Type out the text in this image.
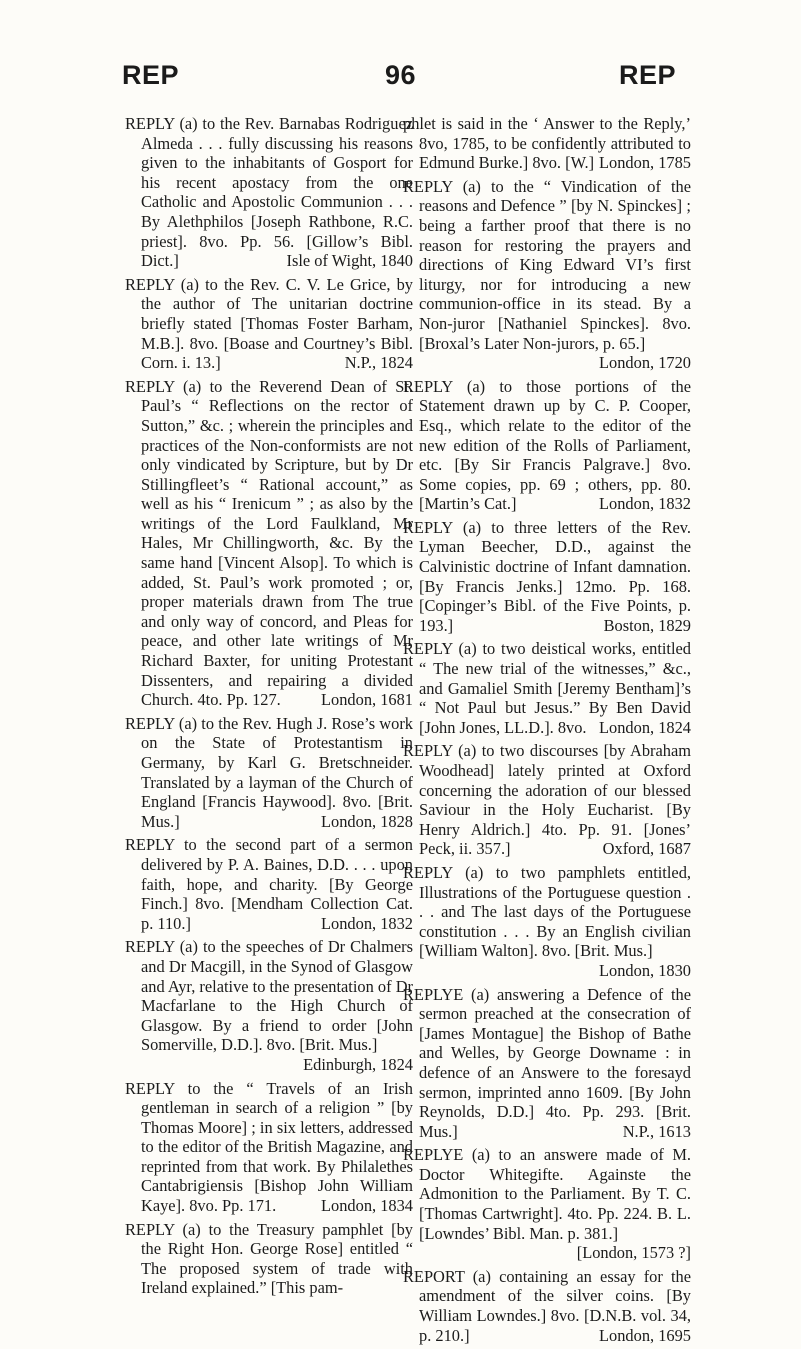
REP	96	REP
REPLY (a) to the Rev. Barnabas Rodriguez Almeda . . . fully discussing his reasons given to the inhabitants of Gosport for his recent apostacy from the one Catholic and Apostolic Communion . . . By Alethphilos [Joseph Rathbone, R.C. priest]. 8vo. Pp. 56. [Gillow’s Bibl. Dict.]	Isle of Wight, 1840
REPLY (a) to the Rev. C. V. Le Grice, by the author of The unitarian doctrine briefly stated [Thomas Foster Barham, M.B.]. 8vo. [Boase and Courtney’s Bibl. Corn. i. 13.]	N.P., 1824
REPLY (a) to the Reverend Dean of St. Paul’s “ Reflections on the rector of Sutton,” &c. ; wherein the principles and practices of the Non-conformists are not only vindicated by Scripture, but by Dr Stillingfleet’s “ Rational account,” as well as his “ Irenicum ” ; as also by the writings of the Lord Faulkland, Mr Hales, Mr Chillingworth, &c. By the same hand [Vincent Alsop]. To which is added, St. Paul’s work promoted ; or, proper materials drawn from The true and only way of concord, and Pleas for peace, and other late writings of Mr Richard Baxter, for uniting Protestant Dissenters, and repairing a divided Church. 4to. Pp. 127. London, 1681
REPLY (a) to the Rev. Hugh J. Rose’s work on the State of Protestantism in Germany, by Karl G. Bretschneider. Translated by a layman of the Church of England [Francis Haywood]. 8vo. [Brit. Mus.]	London, 1828
REPLY to the second part of a sermon delivered by P. A. Baines, D.D. . . . upon faith, hope, and charity. [By George Finch.] 8vo. [Mendham Collection Cat. p. 110.]	London, 1832
REPLY (a) to the speeches of Dr Chalmers and Dr Macgill, in the Synod of Glasgow and Ayr, relative to the presentation of Dr Macfarlane to the High Church of Glasgow. By a friend to order [John Somerville, D.D.]. 8vo. [Brit. Mus.]
Edinburgh, 1824
REPLY to the “ Travels of an Irish gentleman in search of a religion ” [by Thomas Moore] ; in six letters, addressed to the editor of the British Magazine, and reprinted from that work. By Philalethes Cantabrigiensis [Bishop John William Kaye]. 8vo. Pp. 171.	London, 1834
REPLY (a) to the Treasury pamphlet [by the Right Hon. George Rose] entitled “ The proposed system of trade with Ireland explained.” [This pam-
phlet is said in the ‘ Answer to the Reply,’ 8vo, 1785, to be confidently attributed to Edmund Burke.] 8vo. [W.] London, 1785
REPLY (a) to the “ Vindication of the reasons and Defence ” [by N. Spinckes] ; being a farther proof that there is no reason for restoring the prayers and directions of King Edward VI’s first liturgy, nor for introducing a new communion-office in its stead. By a Non-juror [Nathaniel Spinckes]. 8vo. [Broxal’s Later Non-jurors, p. 65.]
London, 1720
REPLY (a) to those portions of the Statement drawn up by C. P. Cooper, Esq., which relate to the editor of the new edition of the Rolls of Parliament, etc. [By Sir Francis Palgrave.] 8vo. Some copies, pp. 69 ; others, pp. 80. [Martin’s Cat.]	London, 1832
REPLY (a) to three letters of the Rev. Lyman Beecher, D.D., against the Calvinistic doctrine of Infant damnation. [By Francis Jenks.] 12mo. Pp. 168. [Copinger’s Bibl. of the Five Points, p. 193.]	Boston, 1829
REPLY (a) to two deistical works, entitled “ The new trial of the witnesses,” &c., and Gamaliel Smith [Jeremy Bentham]’s “ Not Paul but Jesus.” By Ben David [John Jones, LL.D.]. 8vo. London, 1824
REPLY (a) to two discourses [by Abraham Woodhead] lately printed at Oxford concerning the adoration of our blessed Saviour in the Holy Eucharist. [By Henry Aldrich.] 4to. Pp. 91. [Jones’ Peck, ii. 357.]	Oxford, 1687
REPLY (a) to two pamphlets entitled, Illustrations of the Portuguese question . . . and The last days of the Portuguese constitution . . . By an English civilian [William Walton]. 8vo. [Brit. Mus.]
London, 1830
REPLYE (a) answering a Defence of the sermon preached at the consecration of [James Montague] the Bishop of Bathe and Welles, by George Downame : in defence of an Answere to the foresayd sermon, imprinted anno 1609. [By John Reynolds, D.D.] 4to. Pp. 293. [Brit. Mus.]	N.P., 1613
REPLYE (a) to an answere made of M. Doctor Whitegifte. Againste the Admonition to the Parliament. By T. C. [Thomas Cartwright]. 4to. Pp. 224. B. L. [Lowndes’ Bibl. Man. p. 381.]
[London, 1573 ?]
REPORT (a) containing an essay for the amendment of the silver coins. [By William Lowndes.] 8vo. [D.N.B. vol. 34, p. 210.]	London, 1695
